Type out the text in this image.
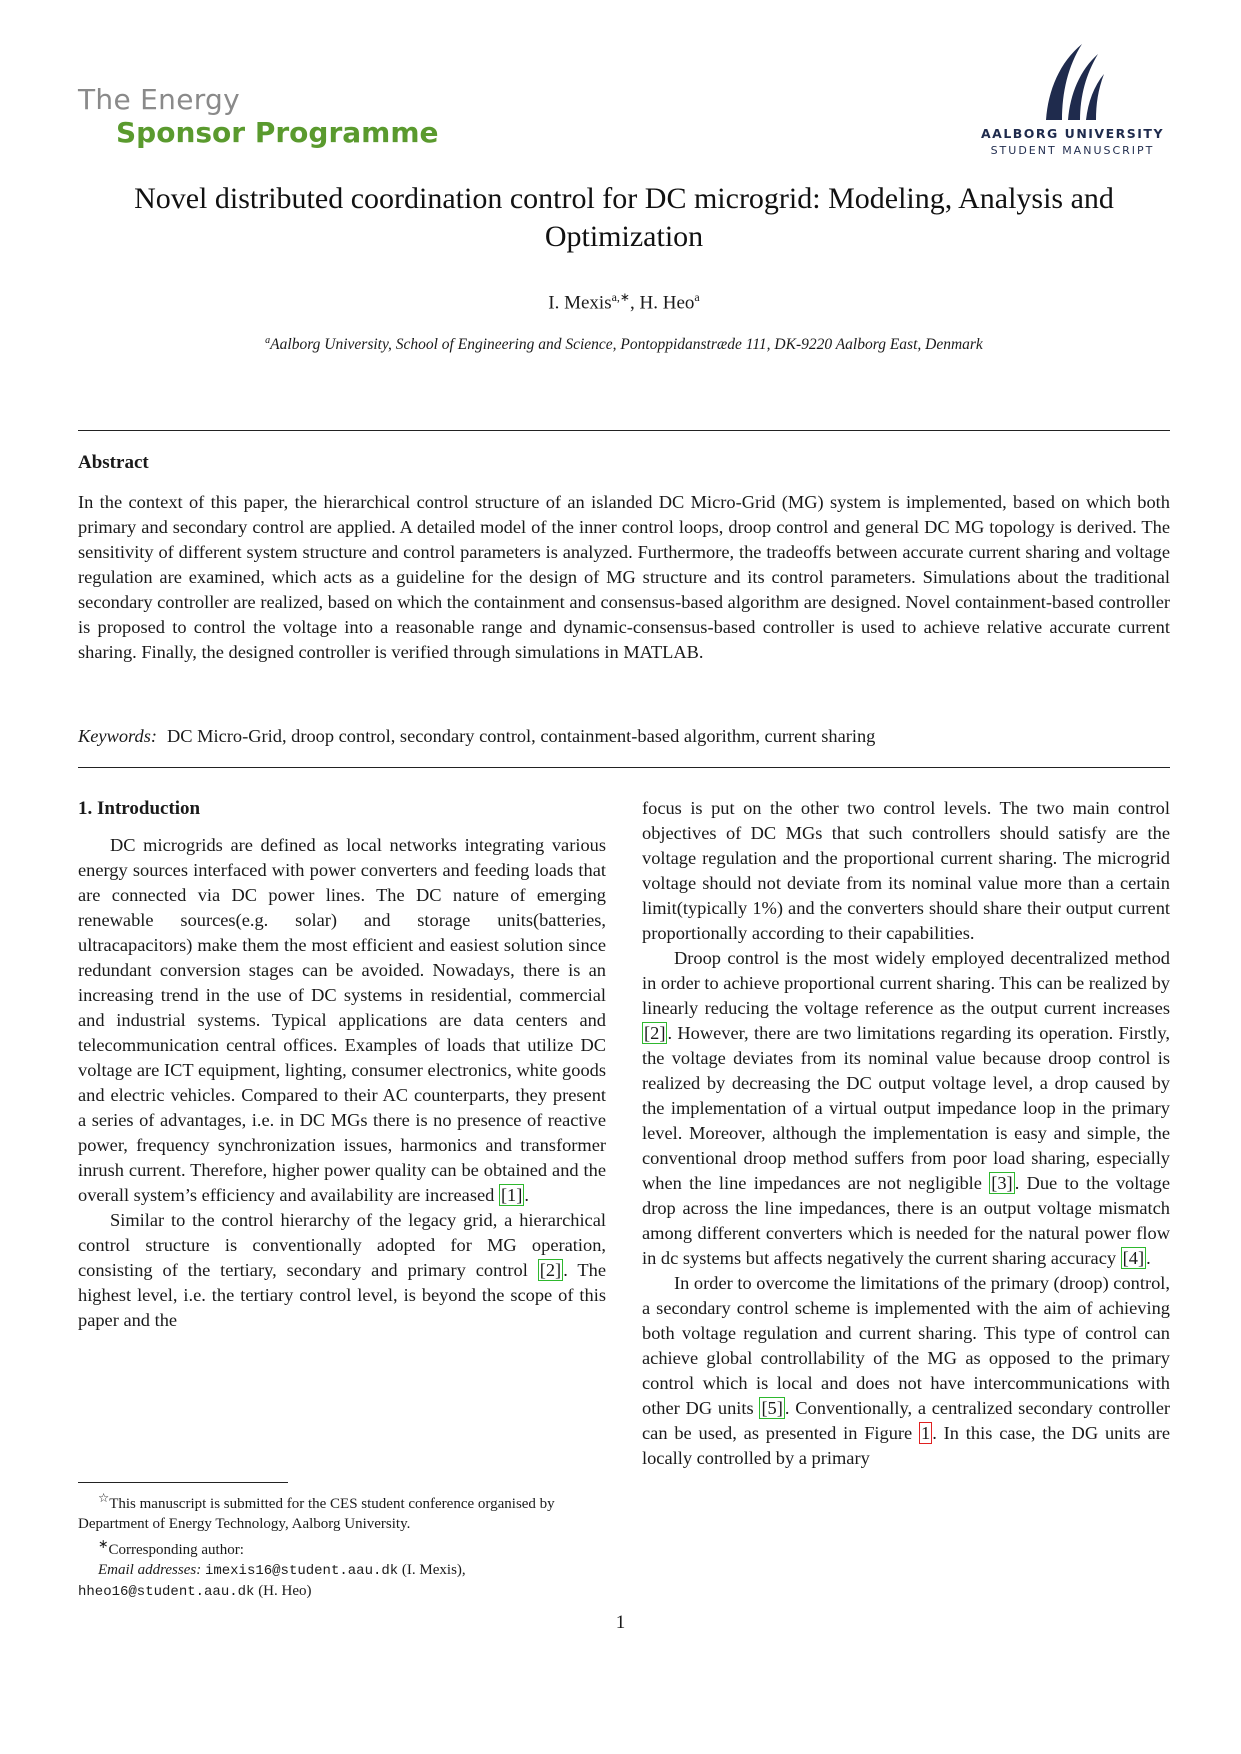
The Energy
Sponsor Programme	AALBORG UNIVERSITY
STUDENT MANUSCRIPT
Novel distributed coordination control for DC microgrid: Modeling, Analysis and Optimization
I. Mexis$^{a,∗}$, H. Heo$^a$
$^a$Aalborg University, School of Engineering and Science, Pontoppidanstræde 111, DK-9220 Aalborg East, Denmark
Abstract
In the context of this paper, the hierarchical control structure of an islanded DC Micro-Grid (MG) system is implemented, based on which both primary and secondary control are applied. A detailed model of the inner control loops, droop control and general DC MG topology is derived. The sensitivity of different system structure and control parameters is analyzed. Furthermore, the tradeoffs between accurate current sharing and voltage regulation are examined, which acts as a guideline for the design of MG structure and its control parameters. Simulations about the traditional secondary controller are realized, based on which the containment and consensus-based algorithm are designed. Novel containment-based controller is proposed to control the voltage into a reasonable range and dynamic-consensus-based controller is used to achieve relative accurate current sharing. Finally, the designed controller is verified through simulations in MATLAB.
Keywords: DC Micro-Grid, droop control, secondary control, containment-based algorithm, current sharing
1. Introduction

DC microgrids are defined as local networks integrating various energy sources interfaced with power converters and feeding loads that are connected via DC power lines. The DC nature of emerging renewable sources(e.g. solar) and storage units(batteries, ultracapacitors) make them the most efficient and easiest solution since redundant conversion stages can be avoided. Nowadays, there is an increasing trend in the use of DC systems in residential, commercial and industrial systems. Typical applications are data centers and telecommunication central offices. Examples of loads that utilize DC voltage are ICT equipment, lighting, consumer electronics, white goods and electric vehicles. Compared to their AC counterparts, they present a series of advantages, i.e. in DC MGs there is no presence of reactive power, frequency synchronization issues, harmonics and transformer inrush current. Therefore, higher power quality can be obtained and the overall system’s efficiency and availability are increased [1] .

Similar to the control hierarchy of the legacy grid, a hierarchical control structure is conventionally adopted for MG operation, consisting of the tertiary, secondary and primary control [2] . The highest level, i.e. the tertiary control level, is beyond the scope of this paper and the

focus is put on the other two control levels. The two main control objectives of DC MGs that such controllers should satisfy are the voltage regulation and the proportional current sharing. The microgrid voltage should not deviate from its nominal value more than a certain limit(typically 1%) and the converters should share their output current proportionally according to their capabilities.

Droop control is the most widely employed decentralized method in order to achieve proportional current sharing. This can be realized by linearly reducing the voltage reference as the output current increases [2] . However, there are two limitations regarding its operation. Firstly, the voltage deviates from its nominal value because droop control is realized by decreasing the DC output voltage level, a drop caused by the implementation of a virtual output impedance loop in the primary level. Moreover, although the implementation is easy and simple, the conventional droop method suffers from poor load sharing, especially when the line impedances are not negligible [3] . Due to the voltage drop across the line impedances, there is an output voltage mismatch among different converters which is needed for the natural power flow in dc systems but affects negatively the current sharing accuracy [4] .

In order to overcome the limitations of the primary (droop) control, a secondary control scheme is implemented with the aim of achieving both voltage regulation and current sharing. This type of control can achieve global controllability of the MG as opposed to the primary control which is local and does not have intercommunications with other DG units [5] . Conventionally, a centralized secondary controller can be used, as presented in Figure 1 . In this case, the DG units are locally controlled by a primary

☆This manuscript is submitted for the CES student conference organised by Department of Energy Technology, Aalborg University.

∗Corresponding author:

Email addresses: imexis16@student.aau.dk (I. Mexis),

hheo16@student.aau.dk (H. Heo)

1
